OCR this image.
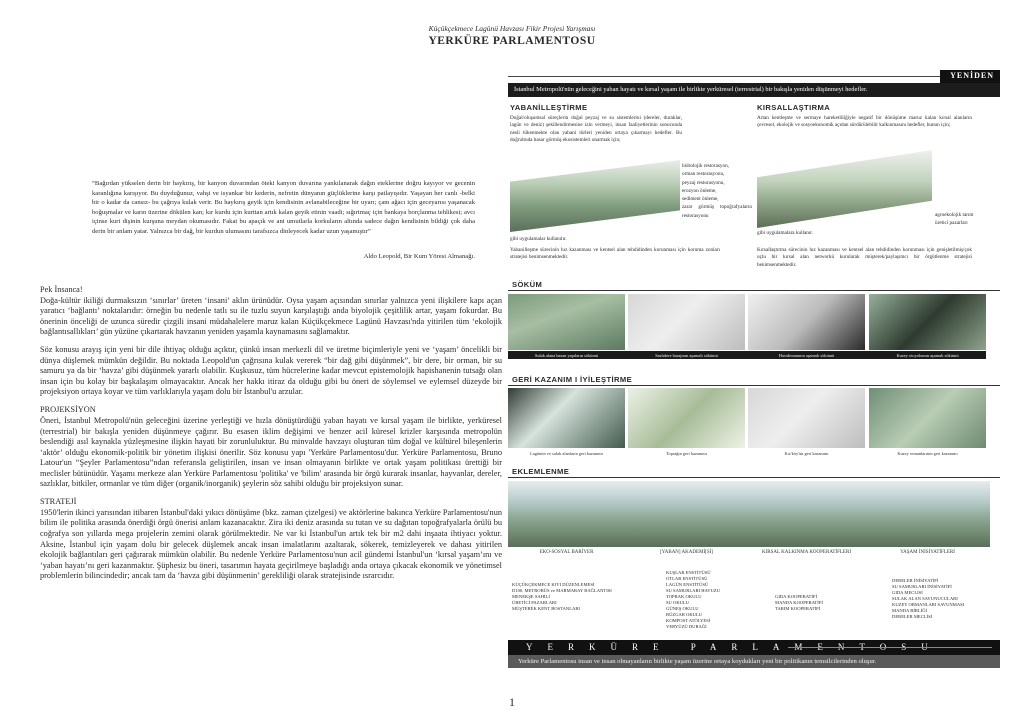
Küçükçekmece Lagünü Havzası Fikir Projesi Yarışması
YERKÜRE PARLAMENTOSU
“Bağırdan yükselen derin bir haykırış, bir kanyon duvarından öteki kanyon duvarına yankılanarak dağın eteklerine doğru kayıyor ve gecenin karanlığına karışıyor. Bu duyduğunuz, vahşi ve isyankar bir kederin, nefretin dünyanın güçlüklerine karşı patlayışıdır. Yaşayan her canlı -belki bir o kadar da cansız- bu çağrıya kulak verir. Bu haykırış geyik için kendisinin avlanabileceğine bir uyarı; çam ağacı için geceyarısı yaşanacak boğuşmalar ve karın üzerine dökülen kan; kır kurdu için kurttan artık kalan geyik etinin vaadi; sığırtmaç için bankaya borçlanma tehlikesi; avcı içinse kurt dişinin kurşuna meydan okumasıdır. Fakat bu apaçık ve ani umutlarla korkuların altında sadece dağın kendisinin bildiği çok daha derin bir anlam yatar. Yalnızca bir dağ, bir kurdun ulumasını tarafsızca dinleyecek kadar uzun yaşamıştır”
Aldo Leopold, Bir Kum Yöresi Almanağı.

Pek İnsanca!

Doğa-kültür ikiliği durmaksızın ‘sınırlar’ üreten ‘insani’ aklın ürünüdür. Oysa yaşam açısından sınırlar yalnızca yeni ilişkilere kapı açan yaratıcı ‘bağlantı’ noktalarıdır: örneğin bu nedenle tatlı su ile tuzlu suyun karşılaştığı anda biyolojik çeşitlilik artar, yaşam fokurdar. Bu önerinin önceliği de uzunca süredir çizgili insani müdahalelere maruz kalan Küçükçekmece Lagünü Havzası'nda yitirilen tüm ‘ekolojik bağlantısallıkları’ gün yüzüne çıkartarak havzanın yeniden yaşamla kaynamasını sağlamaktır.

Söz konusu arayış için yeni bir dile ihtiyaç olduğu açıktır, çünkü insan merkezli dil ve üretme biçimleriyle yeni ve ‘yaşam’ öncelikli bir dünya düşlemek mümkün değildir. Bu noktada Leopold'un çağrısına kulak vererek “bir dağ gibi düşünmek”, bir dere, bir orman, bir su samuru ya da bir ‘havza’ gibi düşünmek yararlı olabilir. Kuşkusuz, tüm hücrelerine kadar mevcut epistemolojik hapishanenin tutsağı olan insan için bu kolay bir başkalaşım olmayacaktır. Ancak her hakkı itiraz da olduğu gibi bu öneri de söylemsel ve eylemsel düzeyde bir projeksiyon ortaya koyar ve tüm varlıklarıyla yaşam dolu bir İstanbul'u arzular.

PROJEKSİYON

Öneri, İstanbul Metropolü'nün geleceğini üzerine yerleştiği ve hızla dönüştürdüğü yaban hayatı ve kırsal yaşam ile birlikte, yerküresel (terrestrial) bir bakışla yeniden düşünmeye çağırır. Bu esasen iklim değişimi ve benzer acil küresel krizler karşısında metropolün beslendiği asıl kaynakla yüzleşmesine ilişkin hayati bir zorunluluktur. Bu minvalde havzayı oluşturan tüm doğal ve kültürel bileşenlerin ‘aktör’ olduğu ekonomik-politik bir yönetim ilişkisi önerilir. Söz konusu yapı 'Yerküre Parlamentosu'dur. Yerküre Parlamentosu, Bruno Latour'un “Şeyler Parlamentosu”ndan referansla geliştirilen, insan ve insan olmayanın birlikte ve ortak yaşam politikası ürettiği bir meclisler bütünüdür. Yaşamı merkeze alan Yerküre Parlamentosu 'politika' ve 'bilim' arasında bir örgü kurarak insanlar, hayvanlar, dereler, sazlıklar, bitkiler, ormanlar ve tüm diğer (organik/inorganik) şeylerin söz sahibi olduğu bir projeksiyon sunar.

STRATEJİ

1950'lerin ikinci yarısından itibaren İstanbul'daki yıkıcı dönüşüme (bkz. zaman çizelgesi) ve aktörlerine bakınca Yerküre Parlamentosu'nun bilim ile politika arasında önerdiği örgü önerisi anlam kazanacaktır. Zira iki deniz arasında su tutan ve su dağıtan topoğrafyalarla örülü bu coğrafya son yıllarda mega projelerin zemini olarak görülmektedir. Ne var ki İstanbul'un artık tek bir m2 dahi inşaata ihtiyacı yoktur. Aksine, İstanbul için yaşam dolu bir gelecek düşlemek ancak insan imalatlarını azaltarak, sökerek, temizleyerek ve dahası yitirilen ekolojik bağlantıları geri çağırarak mümkün olabilir. Bu nedenle Yerküre Parlamentosu'nun acil gündemi İstanbul'un ‘kırsal yaşam’ını ve ‘yaban hayatı’nı geri kazanmaktır. Şüphesiz bu öneri, tasarımın hayata geçirilmeye başladığı anda ortaya çıkacak ekonomik ve yönetimsel problemlerin bilincindedir; ancak tam da ‘havza gibi düşünmenin’ gerekliliği olarak stratejisinde ısrarcıdır.

1
YENİDEN
İstanbul Metropolü'nün geleceğini yaban hayatı ve kırsal yaşam ile birlikte yerküresel (terrestrial) bir bakışla yeniden düşünmeyi hedefler.
YABANİLLEŞTİRME
Doğal/oluşumsal süreçlerin doğal peyzaj ve su sistemlerini (dereler, duraklar, lagün ve deniz) şekillendirmesine izin vermeyi, insan faaliyetlerinin sonucunda nesli tükenmekte olan yabani türleri yeniden ortaya çıkarmayı hedefler. Bu doğrultuda hasar görmüş ekosistemleri onarmak için;
hidrolojik restorasyon,
orman restorasyonu,
peyzaj restorasyonu,
erozyon önleme,
sediment önleme,
zarar görmüş topoğrafyaların restorasyonu
gibi uygulamalar kullanılır.
Yabanilleşme sürecinin hız kazanması ve kentsel alan tehdidinden korunması için koruma zonları stratejisi benimsenmektedir.
KIRSALLAŞTIRMA
Artan kentleşme ve sermaye hareketliliğiyle negatif bir dönüşüme maruz kalan kırsal alanların çevresel, ekolojik ve sosyoekonomik açıdan sürdürülebilir kalkınmasını hedefler, bunun için;
agroekolojik tarım
üretici pazarları
gibi uygulamalara kullanır.
Kırsallaştırma sürecinin hız kazanması ve kentsel alan tehdidinden korunması için genişletilmiş/çok uçlu bir kırsal alan networkü kurularak müşterek/paylaşımcı bir örgütlenme stratejisi benimsenmektedir.
SÖKÜM
Sulak alana basan yapıların sökümü	Sazlıdere barajının aşamalı sökümü	Havalimanının aşamalı sökümü	Kuzey otoyolunun aşamalı sökümü
GERİ KAZANIM I İYİLEŞTİRME
Lagünün ve sulak alanların geri kazanımı	Toprağın geri kazanımı	Kır/köy'ün geri kazanımı	Kuzey ormanlarının geri kazanımı
EKLEMLENME
EKO-SOSYAL BARİYER	[YABAN] AKADEMİ[Sİ]	KIRSAL KALKINMA KOOPERATİFLERİ	YAŞAM İNİSİYATİFLERİ
KÜÇÜKÇEKMECE KIYI DÜZENLEMESİ
D100, METROBÜS ve MARMARAY BAĞLANTISI
MENEKŞE SAHİLİ
ÜRETİCİ PAZARLARI
MÜŞTEREK KENT BOSTANLARI
KUŞLAR ENSTİTÜSÜ
OTLAR ENSTİTÜSÜ
LAGÜN ENSTİTÜSÜ
SU SAMURLARI HAVUZU
TOPRAK OKULU
SU OKULU
GÜNEŞ OKULU
RÜZGAR OKULU
KOMPOST ATÖLYESİ
YERYÜZÜ DURAĞI
GIDA KOOPERATİFİ
MANDA KOOPERATİFİ
TARIM KOOPERATİFİ
DERELER İNİSİYATİFİ
SU SAMURLARI İNİSİYATİFİ
GIDA MECLİSİ
SULAK ALAN SAVUNUCULARI
KUZEY ORMANLARI SAVUNMASI
MANDA BİRLİĞİ
DERELER MECLİSİ
YERKÜRE PARLAMENTOSU
Yerküre Parlamentosu insan ve insan olmayanların birlikte yaşam üzerine ortaya koydukları yeni bir politikanın temsilcilerinden oluşur.
